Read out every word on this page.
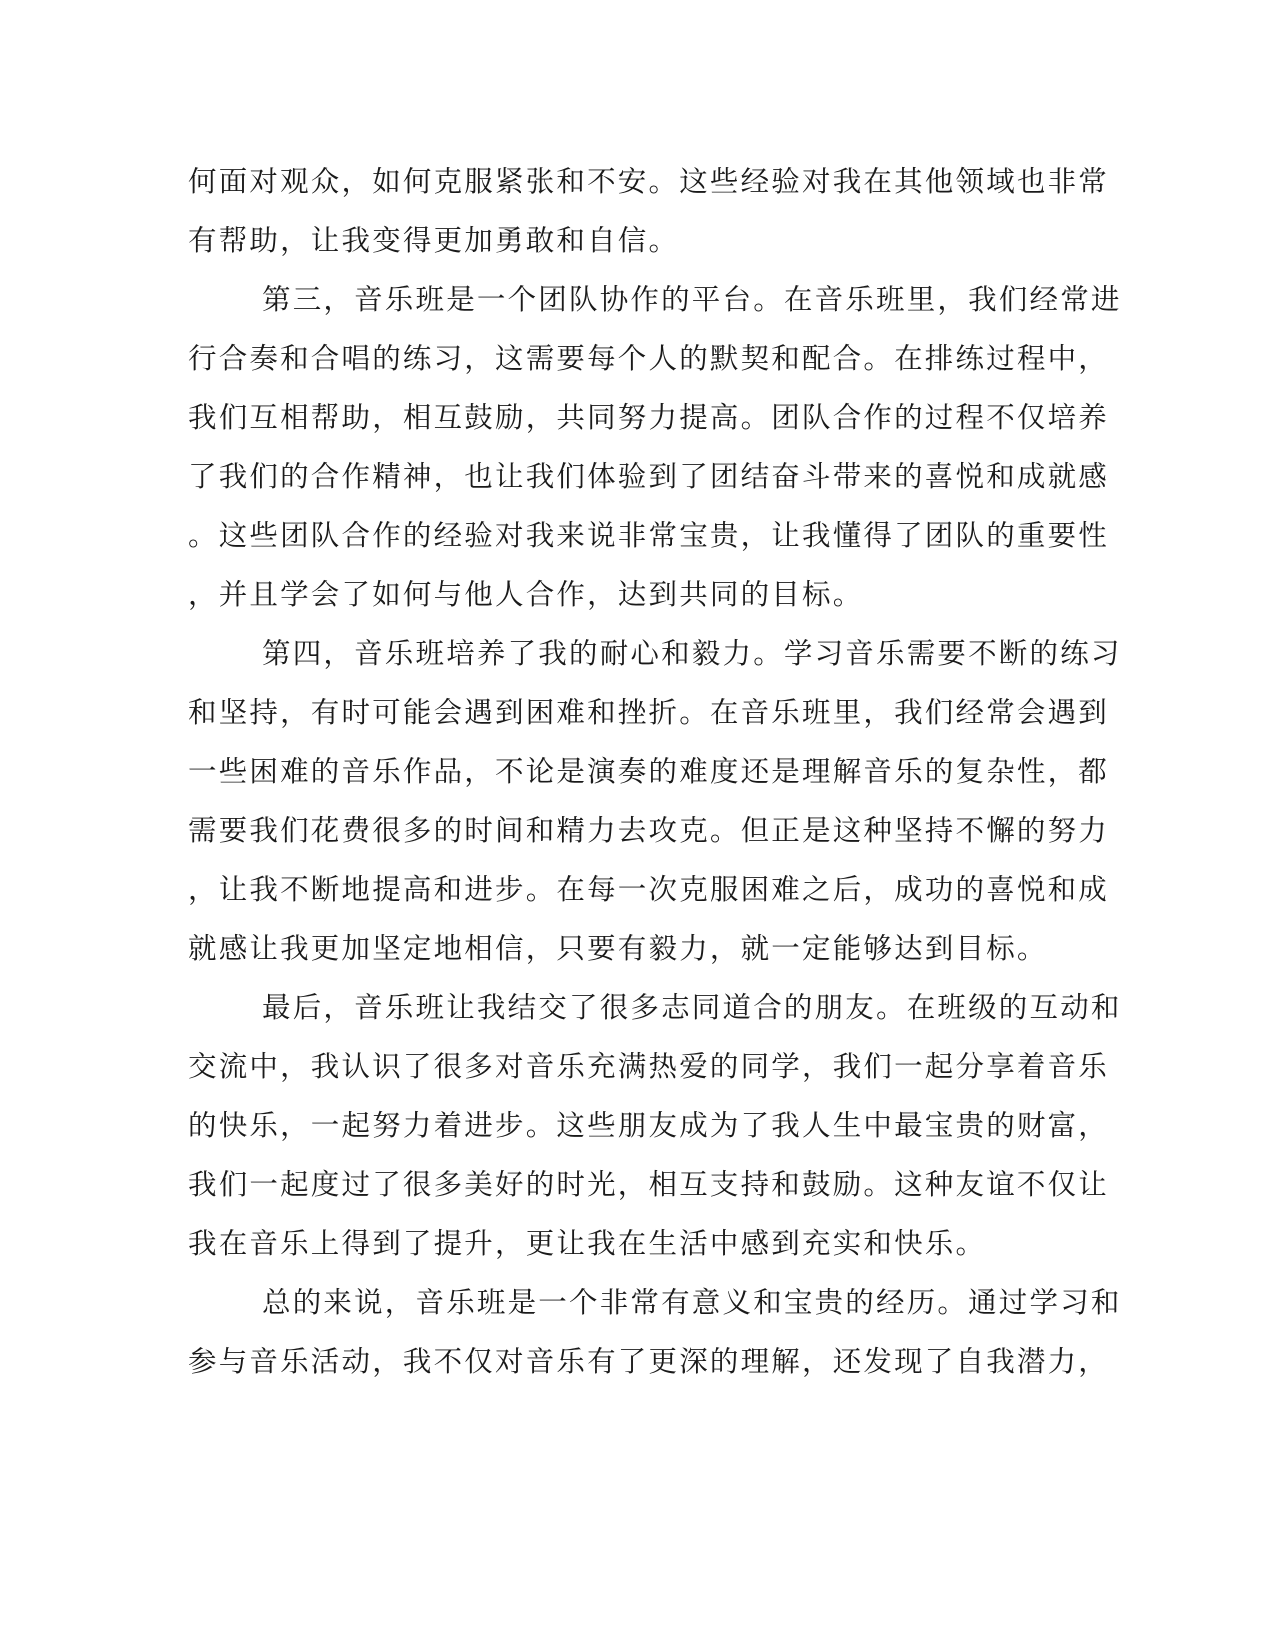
何面对观众，如何克服紧张和不安。这些经验对我在其他领域也非常
有帮助，让我变得更加勇敢和自信。
第三，音乐班是一个团队协作的平台。在音乐班里，我们经常进
行合奏和合唱的练习，这需要每个人的默契和配合。在排练过程中，
我们互相帮助，相互鼓励，共同努力提高。团队合作的过程不仅培养
了我们的合作精神，也让我们体验到了团结奋斗带来的喜悦和成就感
。这些团队合作的经验对我来说非常宝贵，让我懂得了团队的重要性
，并且学会了如何与他人合作，达到共同的目标。
第四，音乐班培养了我的耐心和毅力。学习音乐需要不断的练习
和坚持，有时可能会遇到困难和挫折。在音乐班里，我们经常会遇到
一些困难的音乐作品，不论是演奏的难度还是理解音乐的复杂性，都
需要我们花费很多的时间和精力去攻克。但正是这种坚持不懈的努力
，让我不断地提高和进步。在每一次克服困难之后，成功的喜悦和成
就感让我更加坚定地相信，只要有毅力，就一定能够达到目标。
最后，音乐班让我结交了很多志同道合的朋友。在班级的互动和
交流中，我认识了很多对音乐充满热爱的同学，我们一起分享着音乐
的快乐，一起努力着进步。这些朋友成为了我人生中最宝贵的财富，
我们一起度过了很多美好的时光，相互支持和鼓励。这种友谊不仅让
我在音乐上得到了提升，更让我在生活中感到充实和快乐。
总的来说，音乐班是一个非常有意义和宝贵的经历。通过学习和
参与音乐活动，我不仅对音乐有了更深的理解，还发现了自我潜力，
